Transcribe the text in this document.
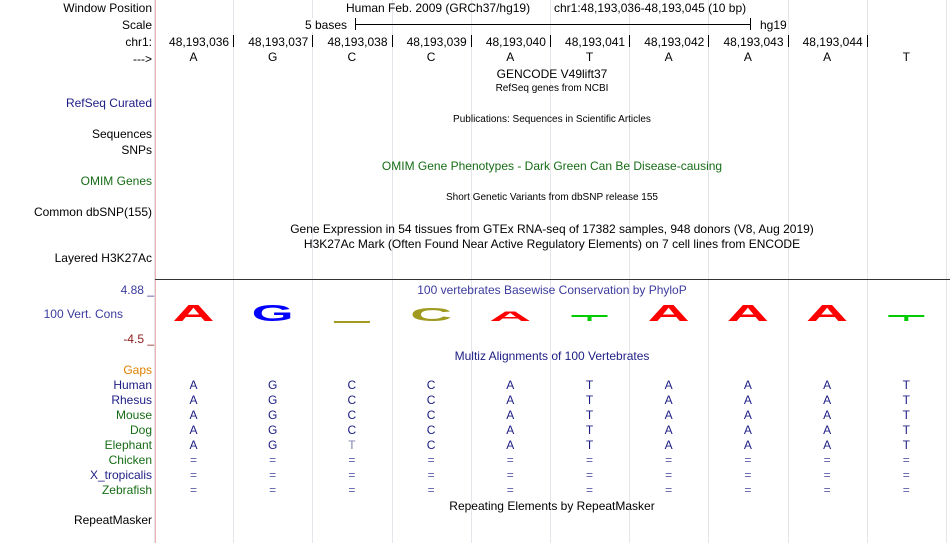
Window Position
Scale
chr1:
--->
Human Feb. 2009 (GRCh37/hg19) chr1:48,193,036-48,193,045 (10 bp)
5 bases	hg19
48,193,036	48,193,037	48,193,038	48,193,039	48,193,040	48,193,041	48,193,042	48,193,043	48,193,044
A	G	C	C	A	T	A	A	A	T
RefSeq Curated
Sequences
SNPs
OMIM Genes
Common dbSNP(155)
Layered H3K27Ac
GENCODE V49lift37
RefSeq genes from NCBI
Publications: Sequences in Scientific Articles
OMIM Gene Phenotypes - Dark Green Can Be Disease-causing
Short Genetic Variants from dbSNP release 155
Gene Expression in 54 tissues from GTEx RNA-seq of 17382 samples, 948 donors (V8, Aug 2019)
H3K27Ac Mark (Often Found Near Active Regulatory Elements) on 7 cell lines from ENCODE
4.88 _
100 Vert. Cons
-4.5 _
100 vertebrates Basewise Conservation by PhyloP
A G	C A	A A A
Multiz Alignments of 100 Vertebrates
Gaps
Human	A	G	C	C	A	T	A	A	A	T
Rhesus	A	G	C	C	A	T	A	A	A	T
Mouse	A	G	C	C	A	T	A	A	A	T
Dog	A	G	C	C	A	T	A	A	A	T
Elephant	A	G	T	C	A	T	A	A	A	T
Chicken	=	=	=	=	=	=	=	=	=	=
X_tropicalis	=	=	=	=	=	=	=	=	=	=
Zebrafish	=	=	=	=	=	=	=	=	=	=
Repeating Elements by RepeatMasker
RepeatMasker
